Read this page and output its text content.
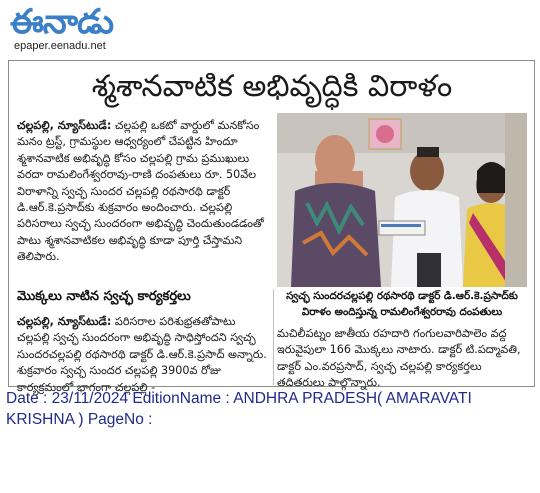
ఈనాడు
epaper.eenadu.net
శ్మశానవాటిక అభివృద్ధికి విరాళం
చల్లపల్లి, న్యూస్‌టుడే: చల్లపల్లి ఒకటో వార్డులో మనకోసం మనం ట్రస్ట్, గ్రామస్థుల ఆధ్వర్యంలో చేపట్టిన హిందూ శ్మశానవాటిక అభివృద్ధి కోసం చల్లపల్లి గ్రామ ప్రముఖులు వరదా రామలింగేశ్వరరావు-రాణి దంపతులు రూ. 50వేల విరాళాన్ని స్వచ్ఛ సుందర చల్లపల్లి రథసారథి డాక్టర్ డి.ఆర్.కె.ప్రసాద్‌కు శుక్రవారం అందించారు. చల్లపల్లి పరిసరాలు స్వచ్ఛ సుందరంగా అభివృద్ధి చెందుతుండడంతో పాటు శ్మశానవాటికల అభివృద్ధి కూడా పూర్తి చేస్తామని తెలిపారు.
స్వచ్ఛ సుందరచల్లపల్లి రథసారథి డాక్టర్ డి.ఆర్.కె.ప్రసాద్‌కు విరాళం అందిస్తున్న రామలింగేశ్వరరావు దంపతులు
మొక్కలు నాటిన స్వచ్ఛ కార్యకర్తలు
చల్లపల్లి, న్యూస్‌టుడే: పరిసరాల పరిశుభ్రతతోపాటు చల్లపల్లి స్వచ్ఛ సుందరంగా అభివృద్ధి సాధిస్తోందని స్వచ్ఛ సుందరచల్లపల్లి రథసారథి డాక్టర్ డి.ఆర్.కె.ప్రసాద్ అన్నారు. శుక్రవారం స్వచ్ఛ సుందర చల్లపల్లి 3900వ రోజు కార్యక్రమంలో భాగంగా చల్లపల్లి -
మచిలీపట్నం జాతీయ రహదారి గంగులవారిపాలెం వద్ద ఇరువైపులా 166 మొక్కలు నాటారు. డాక్టర్ టి.పద్మావతి, డాక్టర్ ఎం.వరప్రసాద్, స్వచ్ఛ చల్లపల్లి కార్యకర్తలు తదితరులు పాల్గొన్నారు.
Date : 23/11/2024 EditionName : ANDHRA PRADESH( AMARAVATI KRISHNA ) PageNo :
